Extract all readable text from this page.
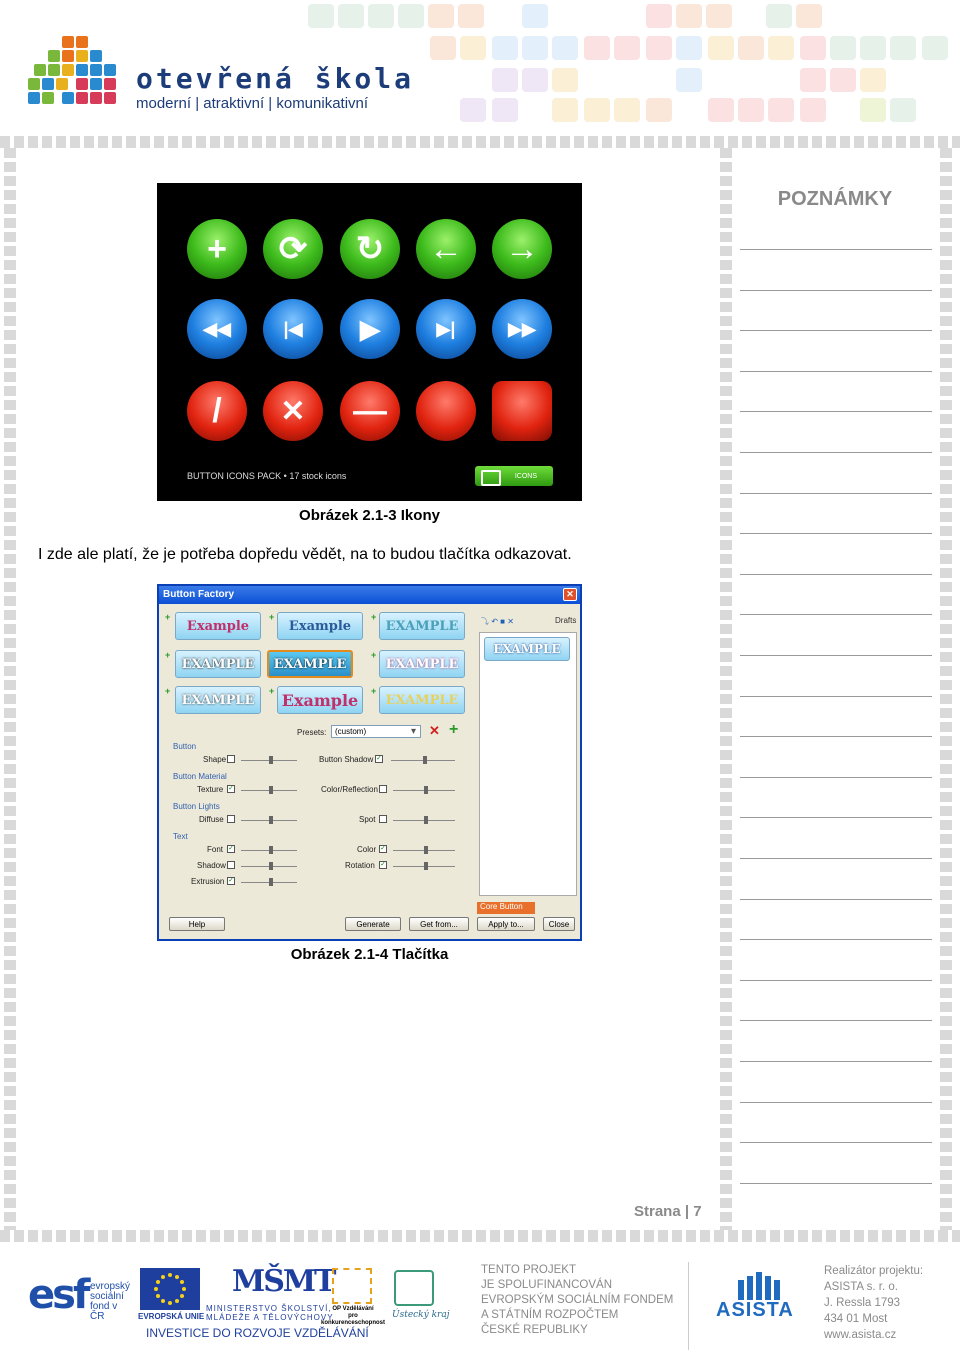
otevřená škola
moderní | atraktivní | komunikativní
POZNÁMKY
+	⟳	↻	←	→
◀◀	|◀	▶	▶|	▶▶
/	✕	—
BUTTON ICONS PACK • 17 stock icons	ICONS
Obrázek 2.1-3 Ikony
I zde ale platí, že je potřeba dopředu vědět, na to budou tlačítka odkazovat.
Button Factory	✕
+
Example
+
Example
+
EXAMPLE
+
EXAMPLE	EXAMPLE
+
EXAMPLE
+
EXAMPLE
+ Example	+
EXAMPLE
⤵ ↶ ■ ✕	Drafts
EXAMPLE
Presets:	(custom)	▾ ✕ +
Button
Shape	Button Shadow ✓
Button Material
Texture ✓	Color/Reflection
Button Lights
Diffuse	Spot
Text
Font ✓	Color ✓
Shadow	Rotation ✓
Extrusion ✓
Core Button
Help	Generate	Get from...	Apply to...	Close
Obrázek 2.1-4 Tlačítka
Strana | 7
esf evropský
sociální
fond v ČR	EVROPSKÁ UNIE
MŠMT
MINISTERSTVO ŠKOLSTVÍ,
MLÁDEŽE A TĚLOVÝCHOVY
OP Vzdělávání
pro konkurenceschopnost
Ústecký kraj
INVESTICE DO ROZVOJE VZDĚLÁVÁNÍ
TENTO PROJEKT
JE SPOLUFINANCOVÁN
EVROPSKÝM SOCIÁLNÍM FONDEM
A STÁTNÍM ROZPOČTEM
ČESKÉ REPUBLIKY
ASISTA
Realizátor projektu:
ASISTA s. r. o.
J. Ressla 1793
434 01 Most
www.asista.cz
